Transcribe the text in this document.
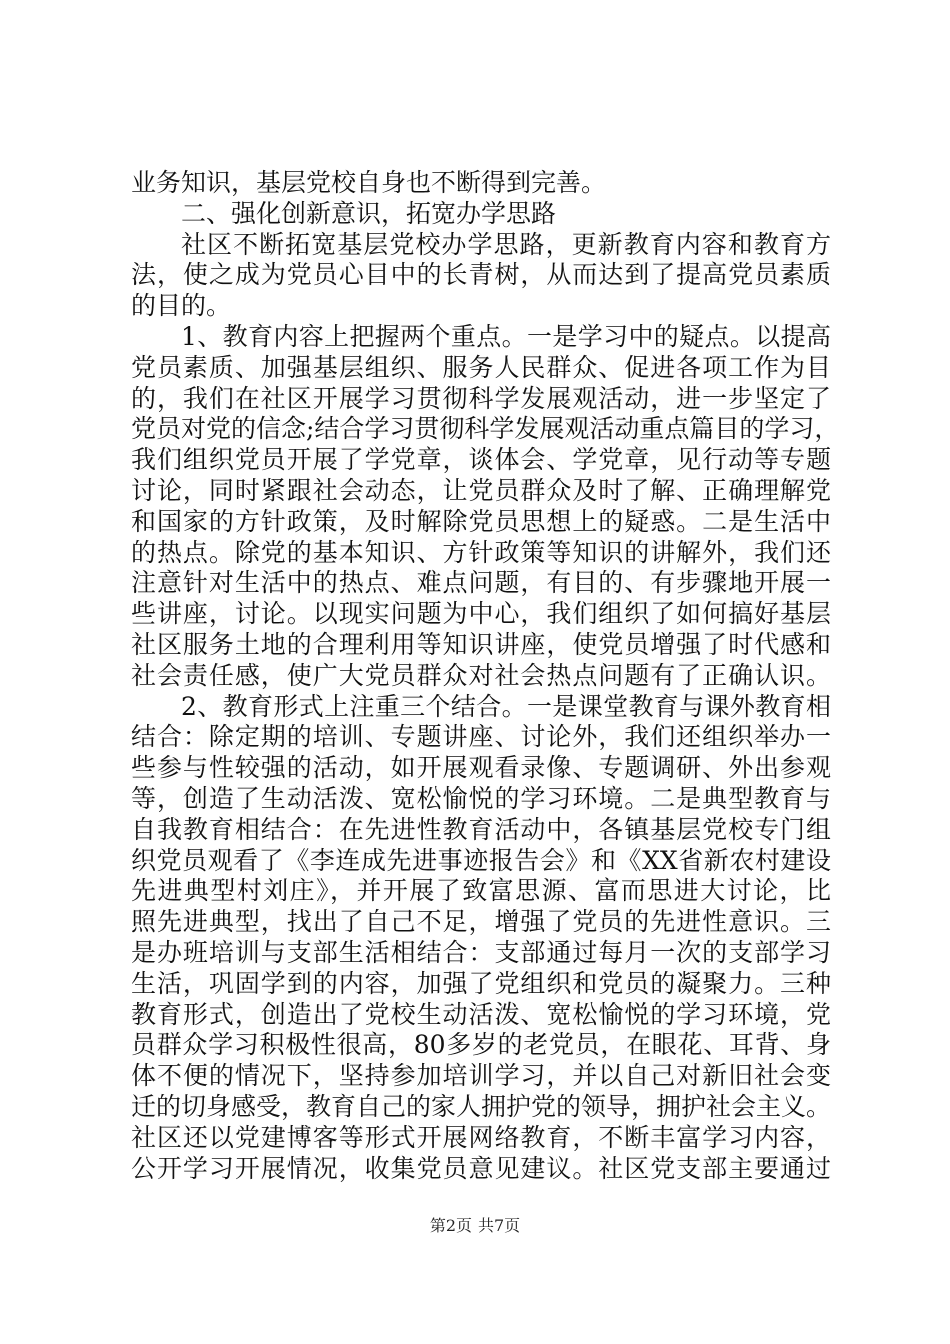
业务知识，基层党校自身也不断得到完善。
二、强化创新意识，拓宽办学思路
社区不断拓宽基层党校办学思路，更新教育内容和教育方
法，使之成为党员心目中的长青树，从而达到了提高党员素质
的目的。
1、教育内容上把握两个重点。一是学习中的疑点。以提高
党员素质、加强基层组织、服务人民群众、促进各项工作为目
的，我们在社区开展学习贯彻科学发展观活动，进一步坚定了
党员对党的信念;结合学习贯彻科学发展观活动重点篇目的学习，
我们组织党员开展了学党章，谈体会、学党章，见行动等专题
讨论，同时紧跟社会动态，让党员群众及时了解、正确理解党
和国家的方针政策，及时解除党员思想上的疑惑。二是生活中
的热点。除党的基本知识、方针政策等知识的讲解外，我们还
注意针对生活中的热点、难点问题，有目的、有步骤地开展一
些讲座，讨论。以现实问题为中心，我们组织了如何搞好基层
社区服务土地的合理利用等知识讲座，使党员增强了时代感和
社会责任感，使广大党员群众对社会热点问题有了正确认识。
2、教育形式上注重三个结合。一是课堂教育与课外教育相
结合：除定期的培训、专题讲座、讨论外，我们还组织举办一
些参与性较强的活动，如开展观看录像、专题调研、外出参观
等，创造了生动活泼、宽松愉悦的学习环境。二是典型教育与
自我教育相结合：在先进性教育活动中，各镇基层党校专门组
织党员观看了《李连成先进事迹报告会》和《XX省新农村建设
先进典型村刘庄》，并开展了致富思源、富而思进大讨论，比
照先进典型，找出了自己不足，增强了党员的先进性意识。三
是办班培训与支部生活相结合：支部通过每月一次的支部学习
生活，巩固学到的内容，加强了党组织和党员的凝聚力。三种
教育形式，创造出了党校生动活泼、宽松愉悦的学习环境，党
员群众学习积极性很高，80多岁的老党员，在眼花、耳背、身
体不便的情况下，坚持参加培训学习，并以自己对新旧社会变
迁的切身感受，教育自己的家人拥护党的领导，拥护社会主义。
社区还以党建博客等形式开展网络教育，不断丰富学习内容，
公开学习开展情况，收集党员意见建议。社区党支部主要通过
第2页 共7页
